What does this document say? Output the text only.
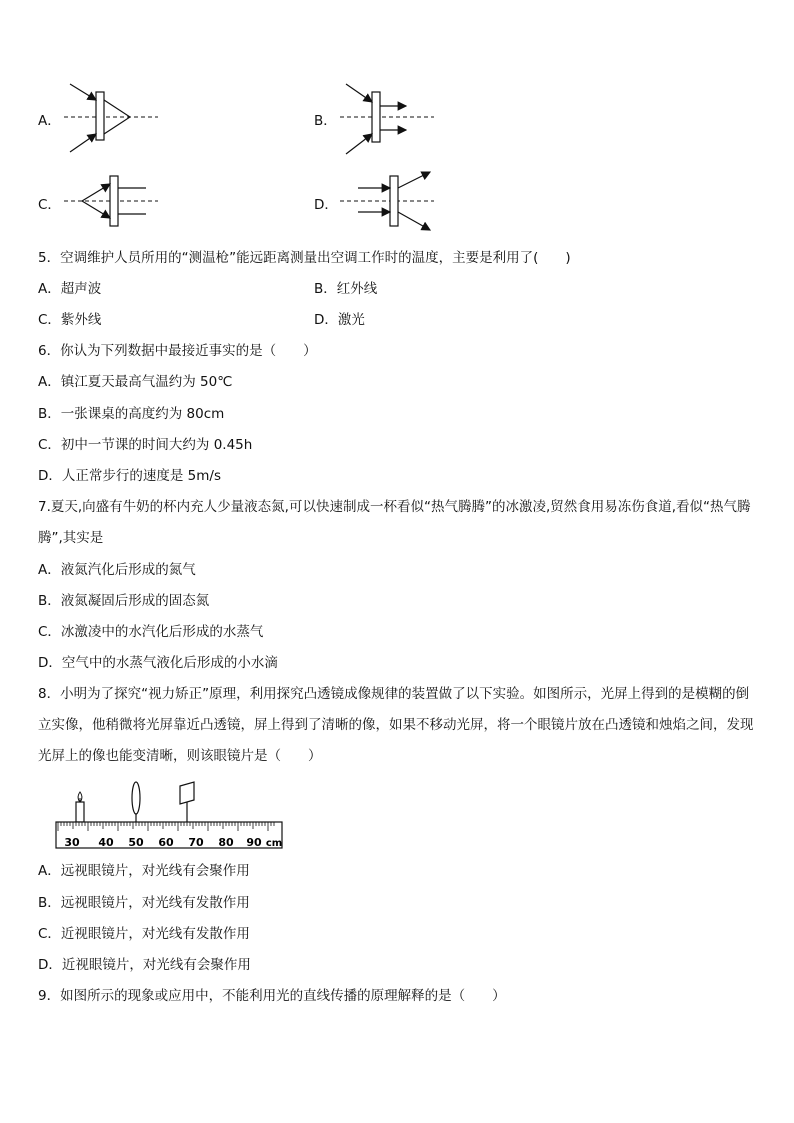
A．	B．
C．	D．
5．空调维护人员所用的“测温枪”能远距离测量出空调工作时的温度，主要是利用了(　　)
A．超声波	B．红外线
C．紫外线	D．激光
6．你认为下列数据中最接近事实的是（　　）
A．镇江夏天最高气温约为 50℃
B．一张课桌的高度约为 80cm
C．初中一节课的时间大约为 0.45h
D．人正常步行的速度是 5m/s
7.夏天,向盛有牛奶的杯内充人少量液态氮,可以快速制成一杯看似“热气腾腾”的冰激凌,贸然食用易冻伤食道,看似“热气腾腾”,其实是
A．液氮汽化后形成的氮气
B．液氮凝固后形成的固态氮
C．冰激凌中的水汽化后形成的水蒸气
D．空气中的水蒸气液化后形成的小水滴
8．小明为了探究“视力矫正”原理，利用探究凸透镜成像规律的装置做了以下实验。如图所示，光屏上得到的是模糊的倒立实像，他稍微将光屏靠近凸透镜，屏上得到了清晰的像，如果不移动光屏，将一个眼镜片放在凸透镜和烛焰之间，发现光屏上的像也能变清晰，则该眼镜片是（　　）
30 40 50 60 70 80 90 cm
A．远视眼镜片，对光线有会聚作用
B．远视眼镜片，对光线有发散作用
C．近视眼镜片，对光线有发散作用
D．近视眼镜片，对光线有会聚作用
9．如图所示的现象或应用中，不能利用光的直线传播的原理解释的是（　　）
